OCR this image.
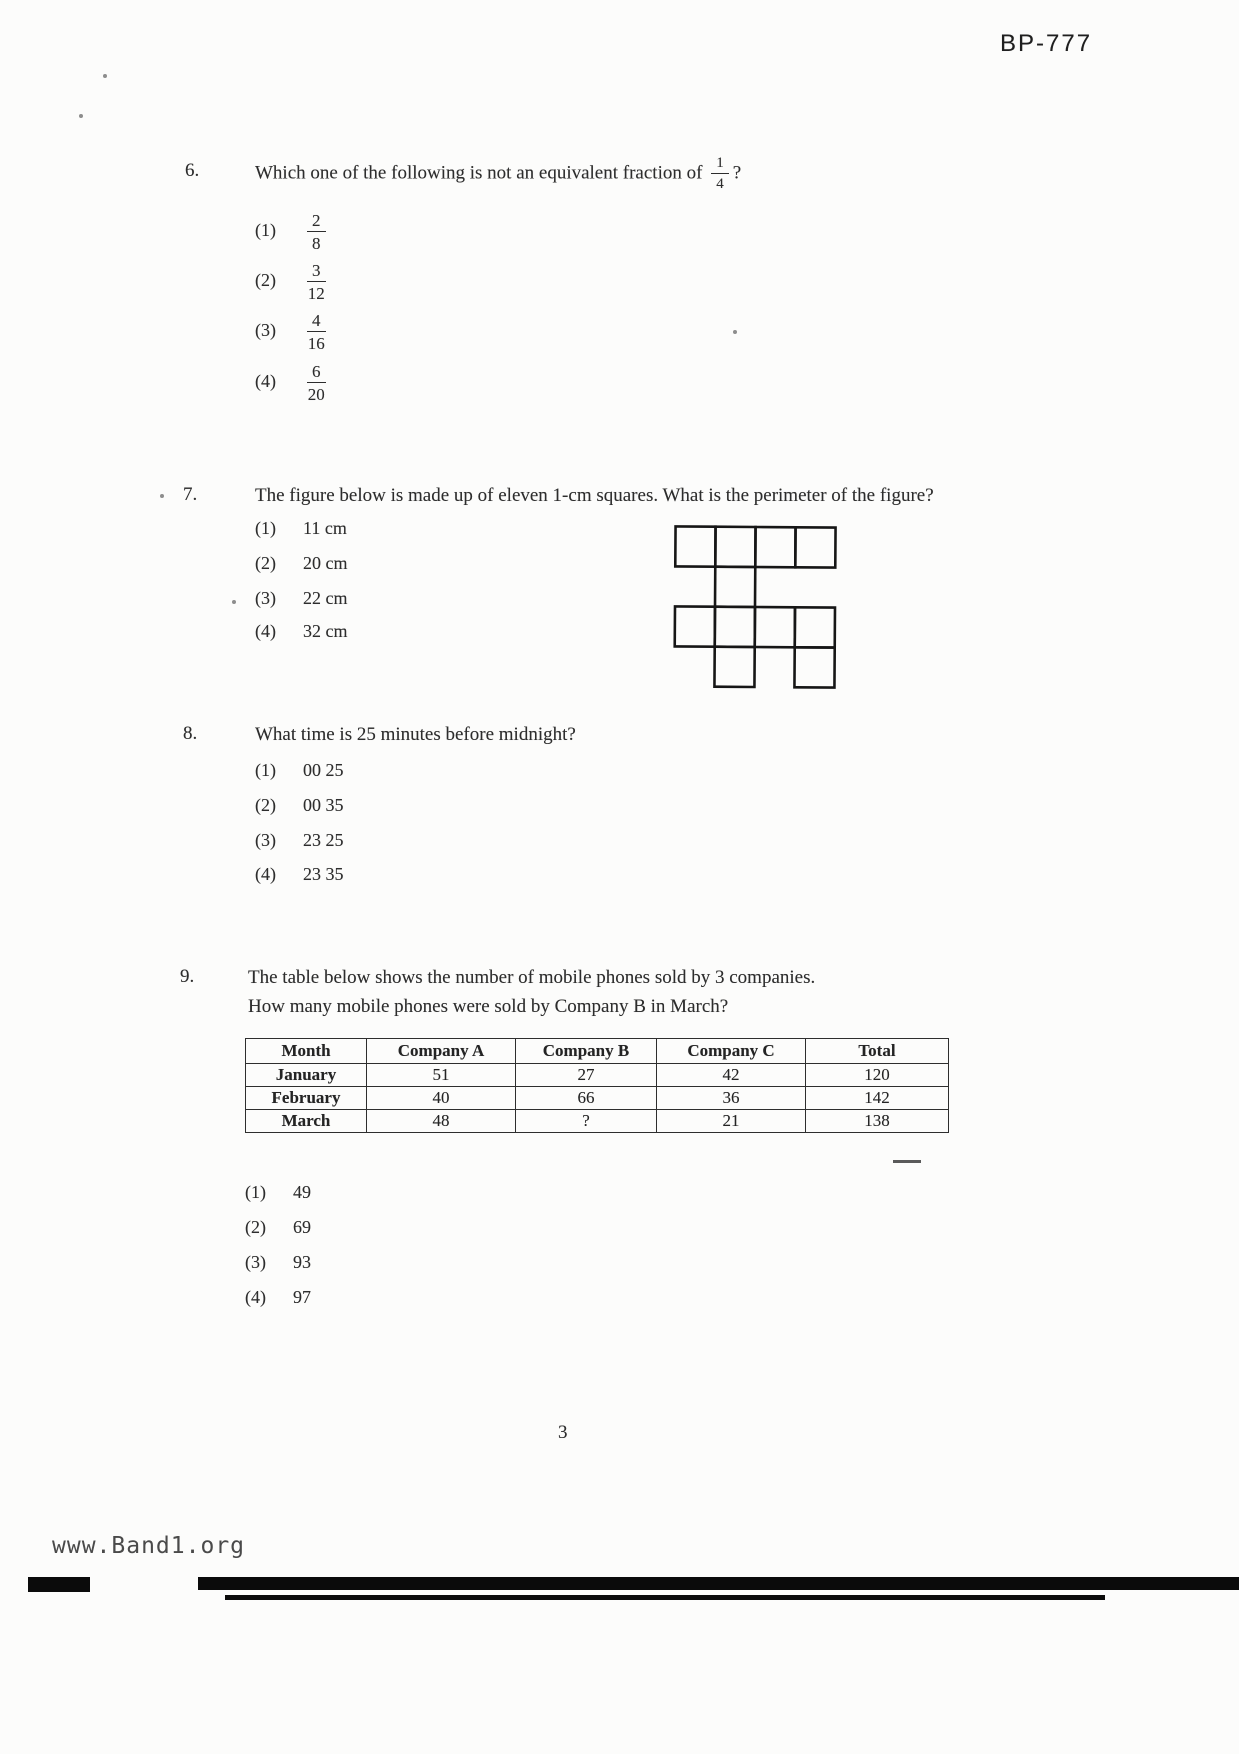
BP-777
6.	Which one of the following is not an equivalent fraction of $\frac{1}{4}$ ?
$(1) \frac{2}{8}$
$(2) \frac{3}{12}$
$(3) \frac{4}{16}$
$(4) \frac{6}{20}$
7.	The figure below is made up of eleven 1-cm squares. What is the perimeter of the figure?
(1) 11 cm
(2) 20 cm
(3) 22 cm
(4) 32 cm
8.	What time is 25 minutes before midnight?
(1) 00 25
(2) 00 35
(3) 23 25
(4) 23 35
9.	The table below shows the number of mobile phones sold by 3 companies.
How many mobile phones were sold by Company B in March?
Month	Company A	Company B	Company C	Total
January	51	27	42	120
February	40	66	36	142
March	48	?	21	138
(1) 49
(2) 69
(3) 93
(4) 97
3
www.Band1.org
